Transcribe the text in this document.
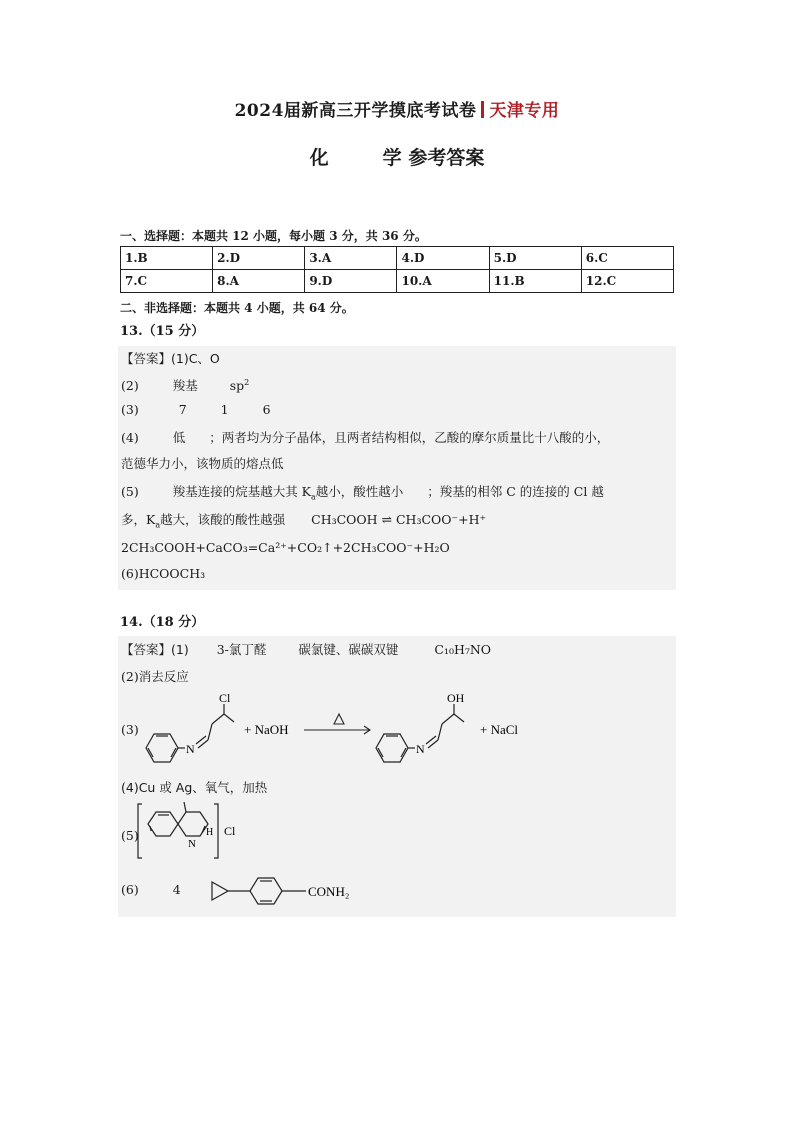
2024届新高三开学摸底考试卷 天津专用
化	学 参考答案
一、选择题：本题共 12 小题，每小题 3 分，共 36 分。
1.B	2.D	3.A	4.D	5.D	6.C
7.C	8.A	9.D	10.A	11.B	12.C
二、非选择题：本题共 4 小题，共 64 分。
13.（15 分）
【答案】(1)C、O
(2)	羧基	$sp^2$
(3)	7	1	6
(4)	低 ；两者均为分子晶体，且两者结构相似，乙酸的摩尔质量比十八酸的小，
范德华力小，该物质的熔点低
(5)	羧基连接的烷基越大其 $K_a$越小，酸性越小 ；羧基的相邻 C 的连接的 Cl 越
多，$K_a$越大，该酸的酸性越强 CH₃COOH ⇌ CH₃COO⁻+H⁺
2CH₃COOH+CaCO₃=Ca²⁺+CO₂↑+2CH₃COO⁻+H₂O
(6)HCOOCH₃
14.（18 分）
【答案】(1) 3-氯丁醛	碳氯键、碳碳双键	C₁₀H₇NO
(2)消去反应
(3)
N
Cl
+ NaOH
N
OH
+ NaCl
(4)Cu 或 Ag、氧气，加热
(5)
N
H Cl
(6)	4	CONH₂
